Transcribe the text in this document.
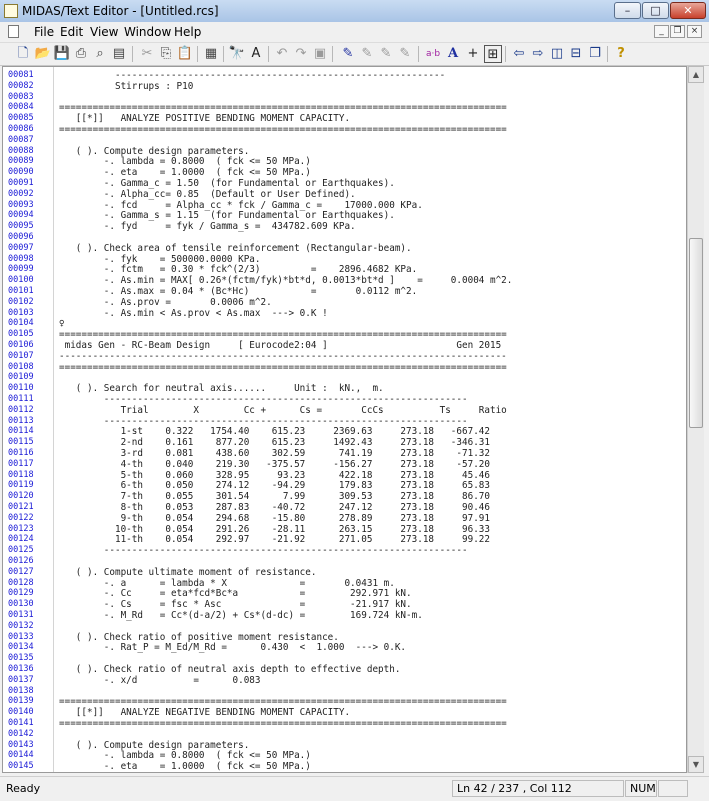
MIDAS/Text Editor - [Untitled.rcs]	–	□	✕
File Edit View Window Help	_	❐	×
🗋 📂 💾 ⎙ ⌕ ▤ ✂ ⎘ 📋 ▦ 🔭 A	↶ ↷ ▣ ✎ ✎ ✎ ✎	a·b A + ⊞ ⇦ ⇨ ◫ ⊟ ❐	?
00081	-----------------------------------------------------------
00082	Stirrups : P10
00083
00084	================================================================================
00085	[[*]]   ANALYZE POSITIVE BENDING MOMENT CAPACITY.
00086	================================================================================
00087
00088	( ). Compute design parameters.
00089	-. lambda = 0.8000  ( fck <= 50 MPa.)
00090	-. eta    = 1.0000  ( fck <= 50 MPa.)
00091	-. Gamma_c = 1.50  (for Fundamental or Earthquakes).
00092	-. Alpha_cc= 0.85  (Default or User Defined).
00093	-. fcd     = Alpha_cc * fck / Gamma_c =    17000.000 KPa.
00094	-. Gamma_s = 1.15  (for Fundamental or Earthquakes).
00095	-. fyd     = fyk / Gamma_s =  434782.609 KPa.
00096
00097	( ). Check area of tensile reinforcement (Rectangular-beam).
00098	-. fyk    = 500000.0000 KPa.
00099	-. fctm   = 0.30 * fck^(2/3)         =    2896.4682 KPa.
00100	-. As.min = MAX[ 0.26*(fctm/fyk)*bt*d, 0.0013*bt*d ]    =     0.0004 m^2.
00101	-. As.max = 0.04 * (Bc*Hc)           =       0.0112 m^2.
00102	-. As.prov =       0.0006 m^2.
00103	-. As.min < As.prov < As.max  ---> 0.K !
00104	♀
00105	================================================================================
00106	midas Gen - RC-Beam Design     [ Eurocode2:04 ]                       Gen 2015
00107	--------------------------------------------------------------------------------
00108	================================================================================
00109
00110	( ). Search for neutral axis......     Unit :  kN.,  m.
00111	-----------------------------------------------------------------
00112	Trial        X        Cc +      Cs =       CcCs          Ts     Ratio
00113	-----------------------------------------------------------------
00114	1-st    0.322   1754.40    615.23     2369.63     273.18   -667.42
00115	2-nd    0.161    877.20    615.23     1492.43     273.18   -346.31
00116	3-rd    0.081    438.60    302.59      741.19     273.18    -71.32
00117	4-th    0.040    219.30   -375.57     -156.27     273.18    -57.20
00118	5-th    0.060    328.95     93.23      422.18     273.18     45.46
00119	6-th    0.050    274.12    -94.29      179.83     273.18     65.83
00120	7-th    0.055    301.54      7.99      309.53     273.18     86.70
00121	8-th    0.053    287.83    -40.72      247.12     273.18     90.46
00122	9-th    0.054    294.68    -15.80      278.89     273.18     97.91
00123	10-th    0.054    291.26    -28.11      263.15     273.18     96.33
00124	11-th    0.054    292.97    -21.92      271.05     273.18     99.22
00125	-----------------------------------------------------------------
00126
00127	( ). Compute ultimate moment of resistance.
00128	-. a      = lambda * X             =       0.0431 m.
00129	-. Cc     = eta*fcd*Bc*a           =        292.971 kN.
00130	-. Cs     = fsc * Asc              =        -21.917 kN.
00131	-. M_Rd   = Cc*(d-a/2) + Cs*(d-dc) =        169.724 kN-m.
00132
00133	( ). Check ratio of positive moment resistance.
00134	-. Rat_P = M_Ed/M_Rd =      0.430  <  1.000  ---> 0.K.
00135
00136	( ). Check ratio of neutral axis depth to effective depth.
00137	-. x/d          =      0.083
00138
00139	================================================================================
00140	[[*]]   ANALYZE NEGATIVE BENDING MOMENT CAPACITY.
00141	================================================================================
00142
00143	( ). Compute design parameters.
00144	-. lambda = 0.8000  ( fck <= 50 MPa.)
00145	-. eta    = 1.0000  ( fck <= 50 MPa.)
▲
▼
Ready	Ln 42 / 237 , Col 112	NUM
